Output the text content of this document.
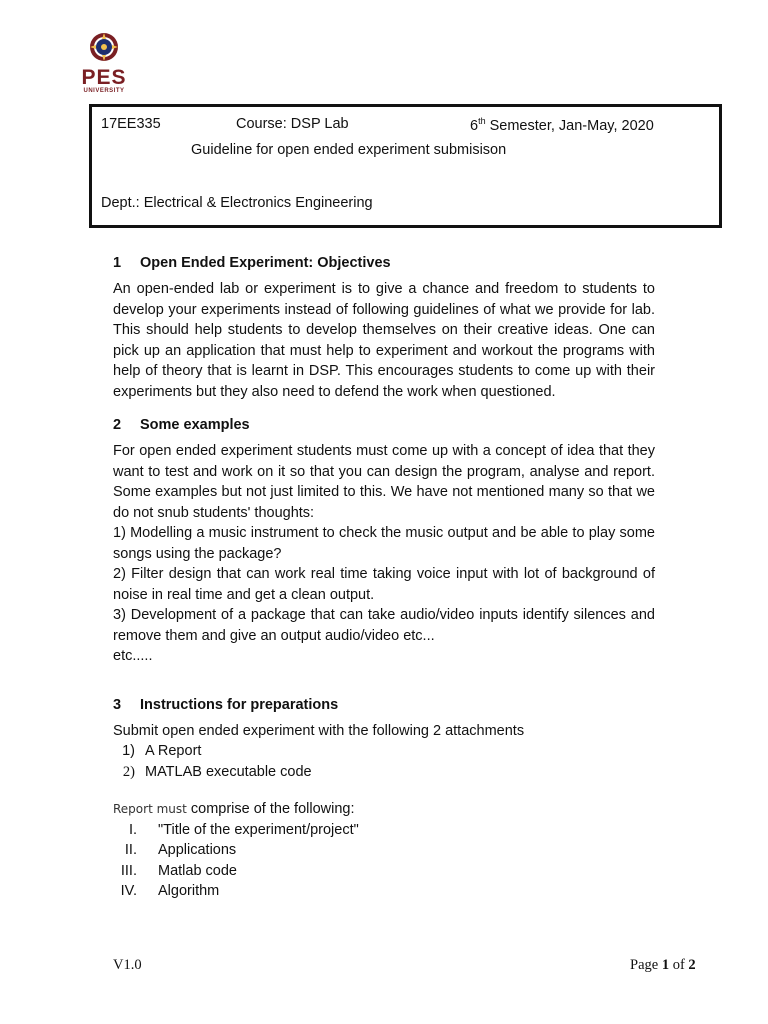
PES
UNIVERSITY
17EE335	Course: DSP Lab	6th Semester, Jan-May, 2020
Guideline for open ended experiment submisison
Dept.: Electrical & Electronics Engineering
1 Open Ended Experiment: Objectives

An open-ended lab or experiment is to give a chance and freedom to students to develop your experiments instead of following guidelines of what we provide for lab. This should help students to develop themselves on their creative ideas. One can pick up an application that must help to experiment and workout the programs with help of theory that is learnt in DSP. This encourages students to come up with their experiments but they also need to defend the work when questioned.

2 Some examples

For open ended experiment students must come up with a concept of idea that they want to test and work on it so that you can design the program, analyse and report. Some examples but not just limited to this. We have not mentioned many so that we do not snub students' thoughts:

1) Modelling a music instrument to check the music output and be able to play some songs using the package?

2) Filter design that can work real time taking voice input with lot of background of noise in real time and get a clean output.

3) Development of a package that can take audio/video inputs identify silences and remove them and give an output audio/video etc...

etc.....

3 Instructions for preparations

Submit open ended experiment with the following 2 attachments

1) A Report
2) MATLAB executable code

Report must comprise of the following:

I. "Title of the experiment/project"
II. Applications
III. Matlab code
IV. Algorithm
V1.0	Page 1 of 2
